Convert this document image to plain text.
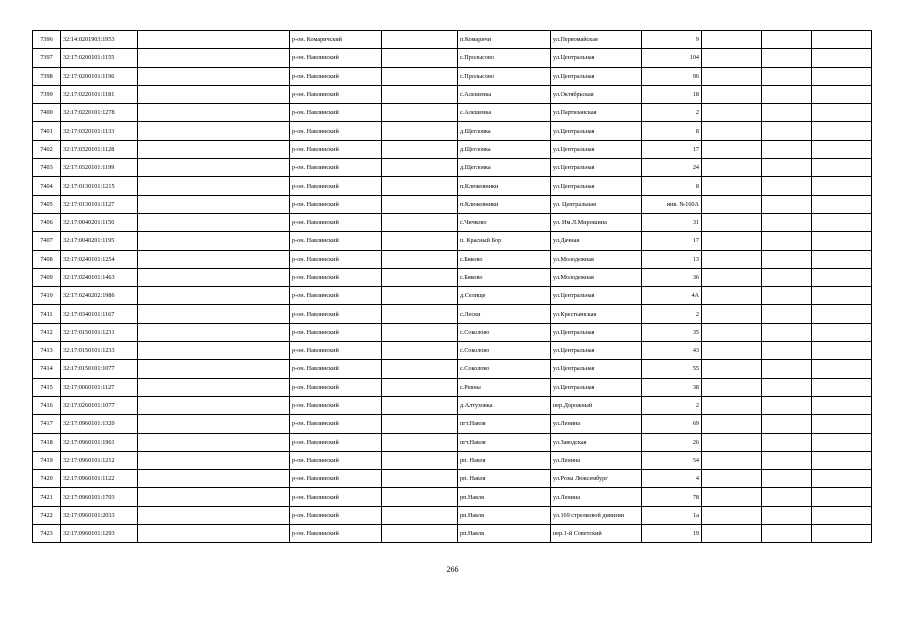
7396	32:14:0201903:1953		р-он. Комаричский		п.Комаричи	ул.Первомайская	9			
7397	32:17:0200101:1155		р-он. Навлинский		с.Пролысово	ул.Центральная	104			
7398	32:17:0200101:1196		р-он. Навлинский		с.Пролысово	ул.Центральная	96			
7399	32:17:0220101:1181		р-он. Навлинский		с.Алешенка	ул.Октябрьская	18			
7400	32:17:0220101:1278		р-он. Навлинский		с.Алешенка	ул.Партизанская	2			
7401	32:17:0320101:1133		р-он. Навлинский		д.Щегловка	ул.Центральная	8			
7402	32:17:0320101:1128		р-он. Навлинский		д.Щегловка	ул.Центральная	17			
7403	32:17:0320101:1199		р-он. Навлинский		д.Щегловка	ул.Центральная	24			
7404	32:17:0130101:1215		р-он. Навлинский		п.Клюковники	ул.Центральная	8			
7405	32:17:0130101:1127		р-он. Навлинский		п.Клюковники	ул. Центральная	инв. №160А			
7406	32:17:0040201:1150		р-он. Навлинский		с.Чичково	ул. Им.Л.Мирошина	31			
7407	32:17:0040201:1195		р-он. Навлинский		п. Красный Бор	ул.Дачная	17			
7408	32:17:0240101:1254		р-он. Навлинский		с.Бяково	ул.Молодежная	13			
7409	32:17:0240101:1463		р-он. Навлинский		с.Бяково	ул.Молодежная	36			
7410	32:17:0240202:1986		р-он. Навлинский		д.Селище	ул.Центральная	4А			
7411	32:17:0340101:1167		р-он. Навлинский		с.Лески	ул.Крестьянская	2			
7412	32:17:0150101:1231		р-он. Навлинский		с.Соколово	ул.Центральная	35			
7413	32:17:0150101:1233		р-он. Навлинский		с.Соколово	ул.Центральная	43			
7414	32:17:0150101:1077		р-он. Навлинский		с.Соколово	ул.Центральная	55			
7415	32:17:0060101:1127		р-он. Навлинский		с.Ревны	ул.Центральная	38			
7416	32:17:0260101:1077		р-он. Навлинский		д.Алтуховка	пер.Дорожный	2			
7417	32:17:0960101:1320		р-он. Навлинский		пгт.Навля	ул.Ленина	69			
7418	32:17:0960101:1961		р-он. Навлинский		пгт.Навля	ул.Заводская	26			
7419	32:17:0960101:1212		р-он. Навлинский		рп. Навля	ул.Ленина	54			
7420	32:17:0960101:1122		р-он. Навлинский		рп. Навля	ул.Розы Люксембург	4			
7421	32:17:0960101:1703		р-он. Навлинский		рп.Навля	ул.Ленина	78			
7422	32:17:0960101:2033		р-он. Навлинский		рп.Навля	ул.169 стрелковой дивизии	1а			
7423	32:17:0960101:1293		р-он. Навлинский		рп.Навля	пер.1-й Советский	19			
266
